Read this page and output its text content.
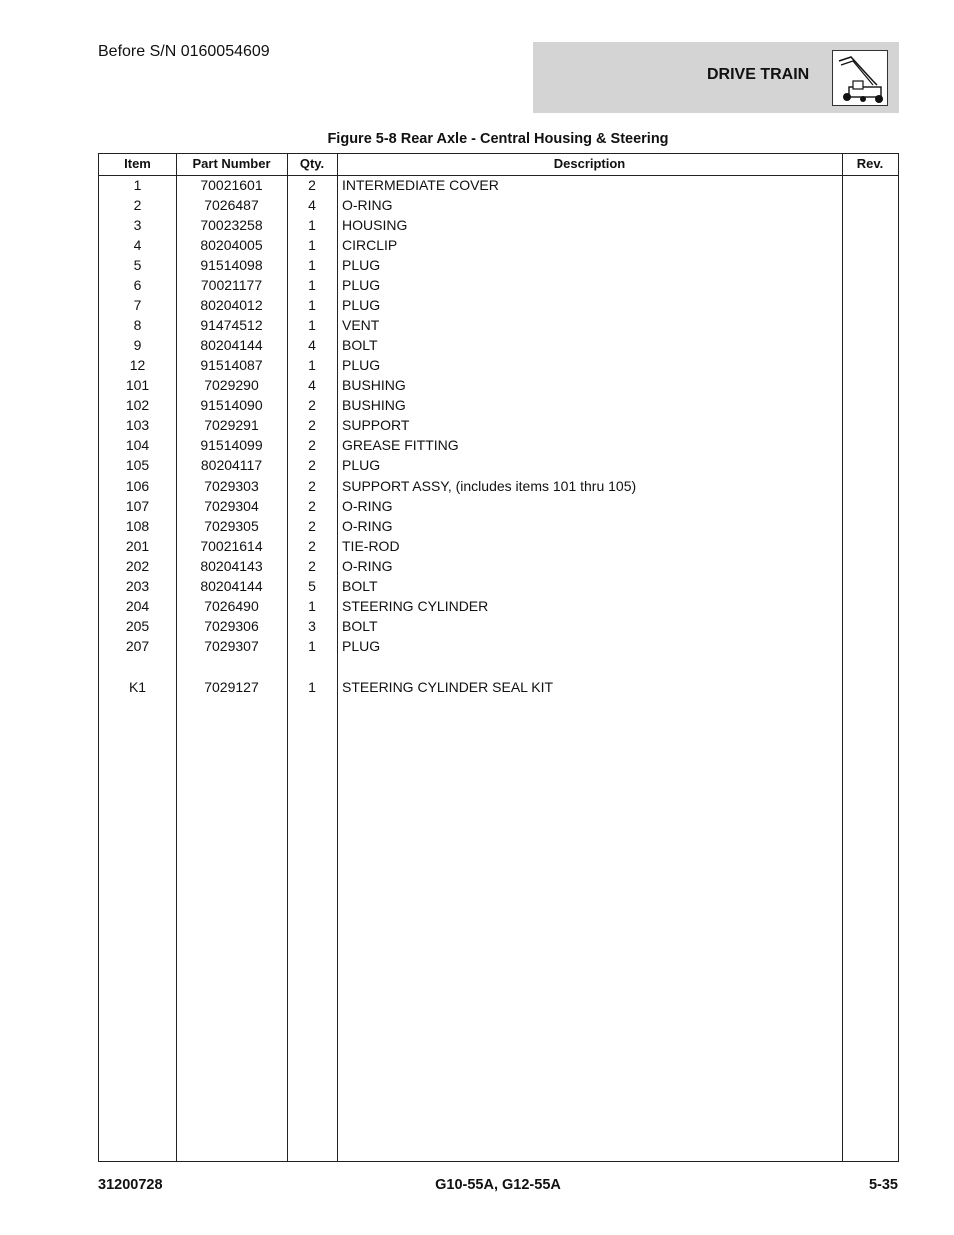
Before S/N 0160054609
DRIVE TRAIN
Figure 5-8 Rear Axle - Central Housing & Steering
Item	Part Number	Qty.	Description	Rev.
1	70021601	2	INTERMEDIATE COVER
2	7026487	4	O-RING
3	70023258	1	HOUSING
4	80204005	1	CIRCLIP
5	91514098	1	PLUG
6	70021177	1	PLUG
7	80204012	1	PLUG
8	91474512	1	VENT
9	80204144	4	BOLT
12	91514087	1	PLUG
101	7029290	4	BUSHING
102	91514090	2	BUSHING
103	7029291	2	SUPPORT
104	91514099	2	GREASE FITTING
105	80204117	2	PLUG
106	7029303	2	SUPPORT ASSY, (includes items 101 thru 105)
107	7029304	2	O-RING
108	7029305	2	O-RING
201	70021614	2	TIE-ROD
202	80204143	2	O-RING
203	80204144	5	BOLT
204	7026490	1	STEERING CYLINDER
205	7029306	3	BOLT
207	7029307	1	PLUG
K1	7029127	1	STEERING CYLINDER SEAL KIT
31200728	G10-55A, G12-55A	5-35
